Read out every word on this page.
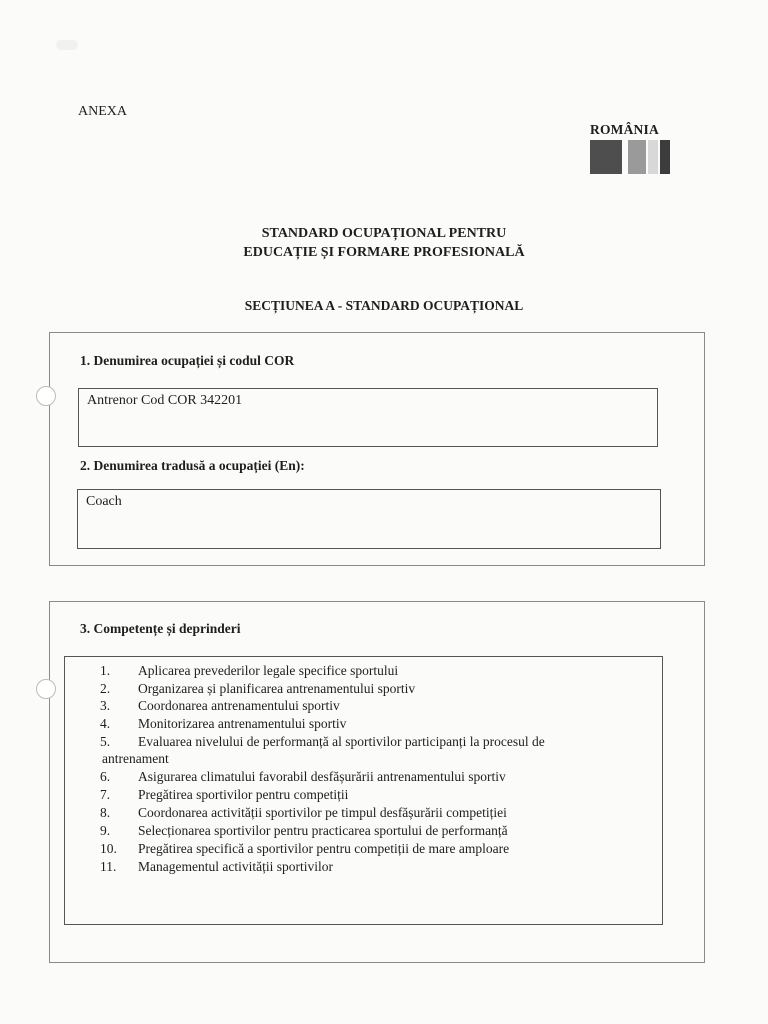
ANEXA
ROMÂNIA
STANDARD OCUPAȚIONAL PENTRU
EDUCAȚIE ȘI FORMARE PROFESIONALĂ
SECȚIUNEA A - STANDARD OCUPAȚIONAL
1. Denumirea ocupației și codul COR
Antrenor Cod COR 342201
2. Denumirea tradusă a ocupației (En):
Coach
3. Competențe și deprinderi
1. Aplicarea prevederilor legale specifice sportului
2. Organizarea și planificarea antrenamentului sportiv
3. Coordonarea antrenamentului sportiv
4. Monitorizarea antrenamentului sportiv
5. Evaluarea nivelului de performanță al sportivilor participanți la procesul de
antrenament
6. Asigurarea climatului favorabil desfășurării antrenamentului sportiv
7. Pregătirea sportivilor pentru competiții
8. Coordonarea activității sportivilor pe timpul desfășurării competiției
9. Selecționarea sportivilor pentru practicarea sportului de performanță
10. Pregătirea specifică a sportivilor pentru competiții de mare amploare
11. Managementul activității sportivilor
